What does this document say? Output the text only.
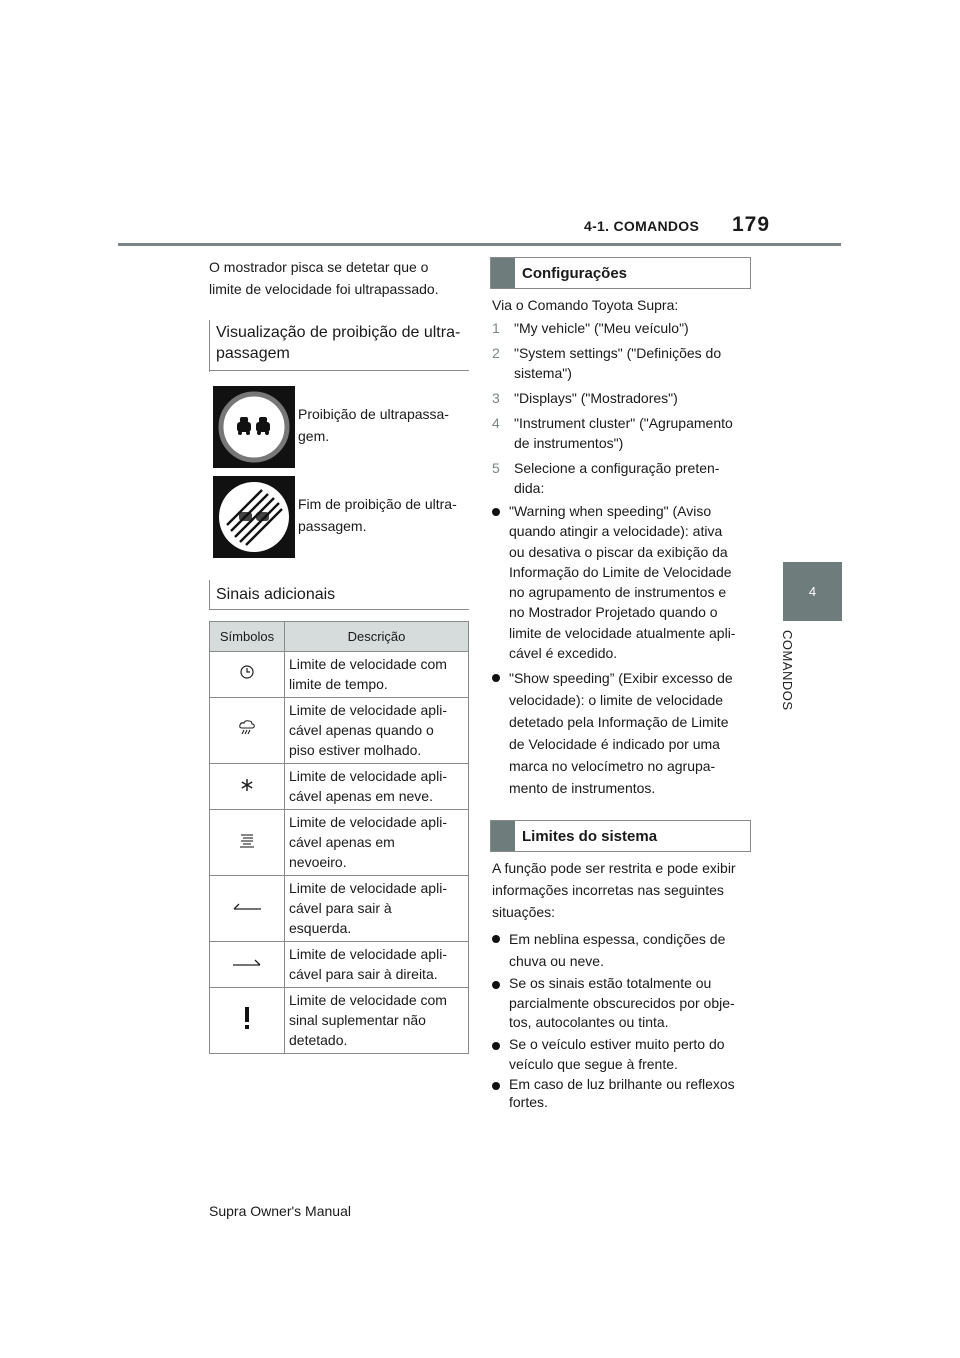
4-1. COMANDOS 179
4
COMANDOS
O mostrador pisca se detetar que o
limite de velocidade foi ultrapassado.
Visualização de proibição de ultra-
passagem
Proibição de ultrapassa-
gem.
Fim de proibição de ultra-
passagem.
Sinais adicionais
Símbolos	Descrição

Limite de velocidade com
limite de tempo.

Limite de velocidade apli-
cável apenas quando o
piso estiver molhado.

Limite de velocidade apli-
cável apenas em neve.

Limite de velocidade apli-
cável apenas em
nevoeiro.

Limite de velocidade apli-
cável para sair à
esquerda.

Limite de velocidade apli-
cável para sair à direita.

Limite de velocidade com
sinal suplementar não
detetado.
Configurações
Via o Comando Toyota Supra:
1 "My vehicle" ("Meu veículo")
2 "System settings" ("Definições do
sistema")
3 "Displays" ("Mostradores")
4 "Instrument cluster" ("Agrupamento
de instrumentos")
5 Selecione a configuração preten-
dida:
"Warning when speeding" (Aviso
quando atingir a velocidade): ativa
ou desativa o piscar da exibição da
Informação do Limite de Velocidade
no agrupamento de instrumentos e
no Mostrador Projetado quando o
limite de velocidade atualmente apli-
cável é excedido.
"Show speeding” (Exibir excesso de
velocidade): o limite de velocidade
detetado pela Informação de Limite
de Velocidade é indicado por uma
marca no velocímetro no agrupa-
mento de instrumentos.
Limites do sistema
A função pode ser restrita e pode exibir
informações incorretas nas seguintes
situações:
Em neblina espessa, condições de
chuva ou neve.
Se os sinais estão totalmente ou
parcialmente obscurecidos por obje-
tos, autocolantes ou tinta.
Se o veículo estiver muito perto do
veículo que segue à frente.
Em caso de luz brilhante ou reflexos
fortes.
Supra Owner's Manual
